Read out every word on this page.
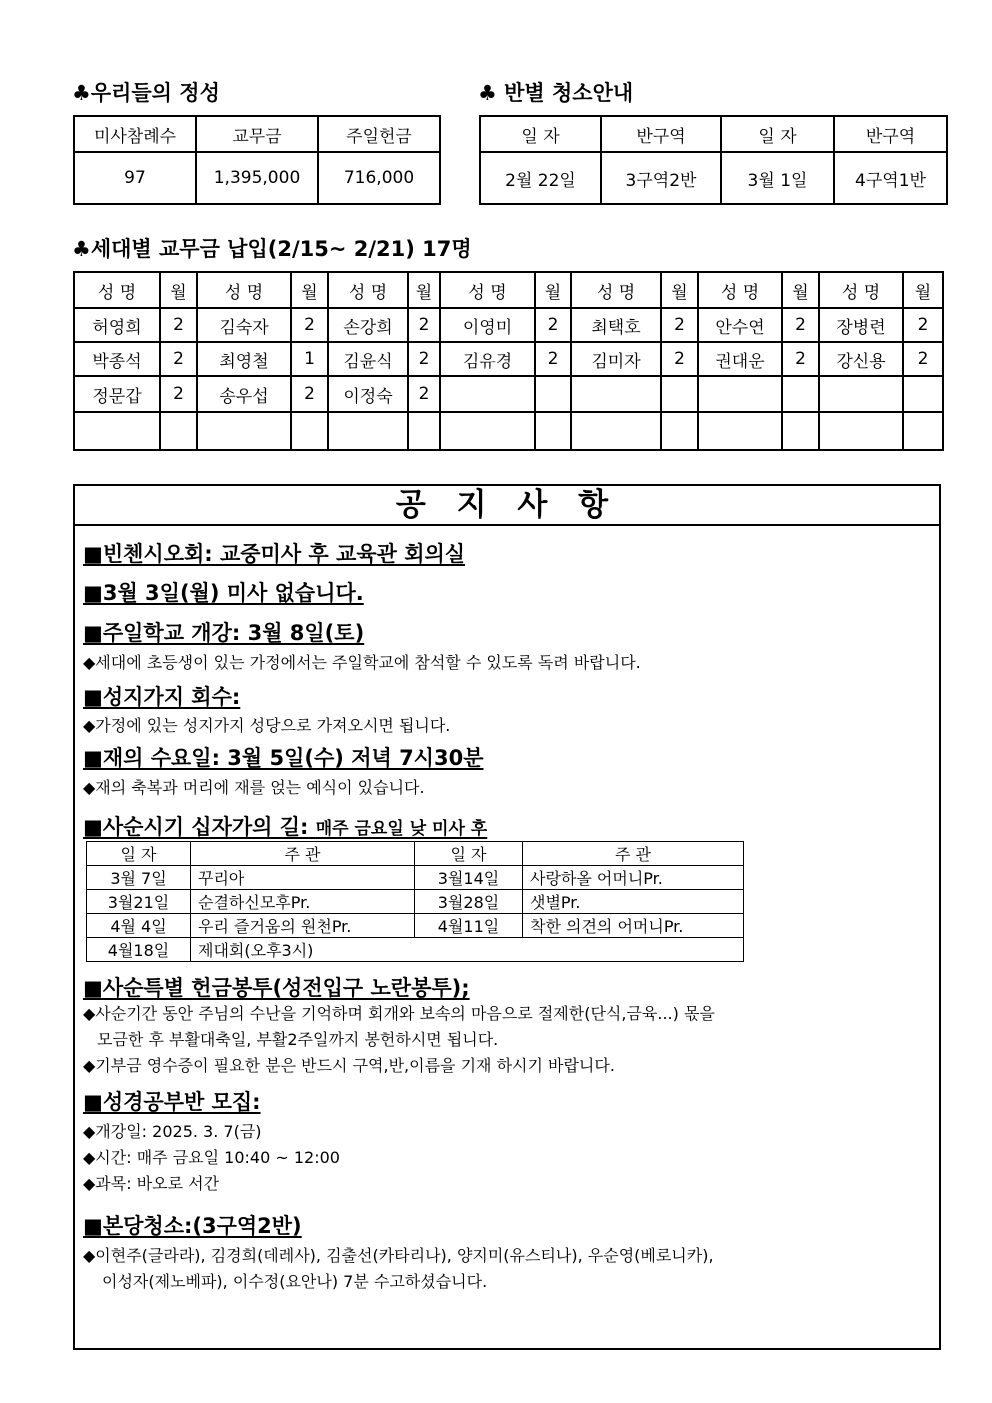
♣우리들의 정성
미사참례수	교무금	주일헌금
97	1,395,000	716,000
♣ 반별 청소안내
일 자	반구역	일 자	반구역
2월 22일	3구역2반	3월 1일	4구역1반
♣세대별 교무금 납입(2/15~ 2/21) 17명
성 명	월	성 명	월	성 명	월	성 명	월	성 명	월	성 명	월	성 명	월
허영희	2	김숙자	2	손강희	2	이영미	2	최택호	2	안수연	2	장병련	2
박종석	2	최영철	1	김윤식	2	김유경	2	김미자	2	권대운	2	강신용	2
정문갑	2	송우섭	2	이정숙	2								

공 지 사 항
■빈첸시오회: 교중미사 후 교육관 회의실
■3월 3일(월) 미사 없습니다.
■주일학교 개강: 3월 8일(토)
◆세대에 초등생이 있는 가정에서는 주일학교에 참석할 수 있도록 독려 바랍니다.
■성지가지 회수:
◆가정에 있는 성지가지 성당으로 가져오시면 됩니다.
■재의 수요일: 3월 5일(수) 저녁 7시30분
◆재의 축복과 머리에 재를 얹는 예식이 있습니다.
■사순시기 십자가의 길: 매주 금요일 낮 미사 후
일 자	주 관	일 자	주 관
3월 7일	꾸리아	3월14일	사랑하올 어머니Pr.
3월21일	순결하신모후Pr.	3월28일	샛별Pr.
4월 4일	우리 즐거움의 원천Pr.	4월11일	착한 의견의 어머니Pr.
4월18일	제대회(오후3시)		
■사순특별 헌금봉투(성전입구 노란봉투);
◆사순기간 동안 주님의 수난을 기억하며 회개와 보속의 마음으로 절제한(단식,금육...) 몫을
모금한 후 부활대축일, 부활2주일까지 봉헌하시면 됩니다.
◆기부금 영수증이 필요한 분은 반드시 구역,반,이름을 기재 하시기 바랍니다.
■성경공부반 모집:
◆개강일: 2025. 3. 7(금)
◆시간: 매주 금요일 10:40 ~ 12:00
◆과목: 바오로 서간
■본당청소:(3구역2반)
◆이현주(글라라), 김경희(데레사), 김출선(카타리나), 양지미(유스티나), 우순영(베로니카),
이성자(제노베파), 이수정(요안나) 7분 수고하셨습니다.
